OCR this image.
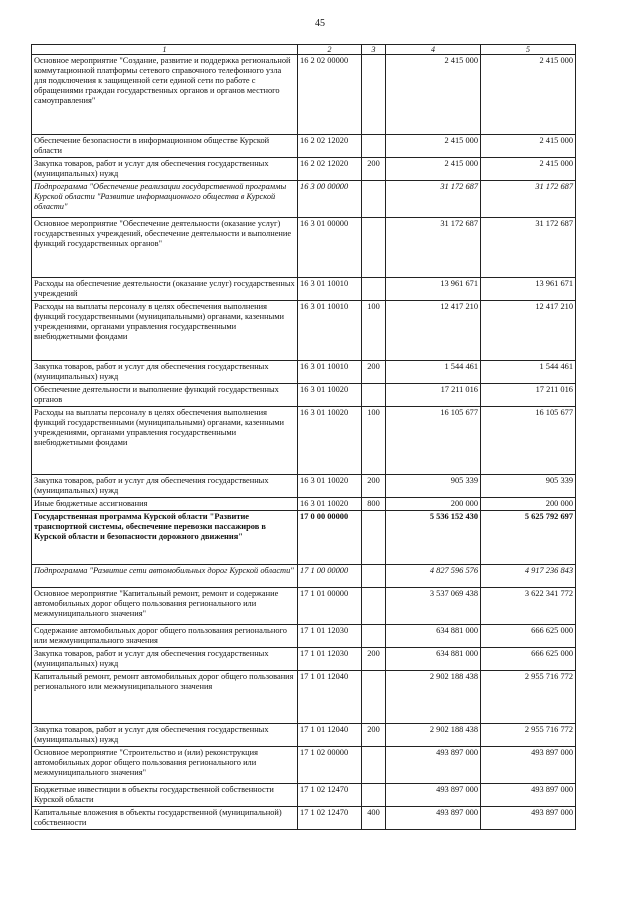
45
1	2	3	4	5
Основное мероприятие "Создание, развитие и поддержка региональной коммутационной платформы сетевого справочного телефонного узла для подключения к защищенной сети единой сети по работе с обращениями граждан государственных органов и органов местного самоуправления"	16 2 02 00000		2 415 000	2 415 000
Обеспечение безопасности в информационном обществе Курской области	16 2 02 12020		2 415 000	2 415 000
Закупка товаров, работ и услуг для обеспечения государственных (муниципальных) нужд	16 2 02 12020	200	2 415 000	2 415 000
Подпрограмма "Обеспечение реализации государственной программы Курской области "Развитие информационного общества в Курской области"	16 3 00 00000		31 172 687	31 172 687
Основное мероприятие "Обеспечение деятельности (оказание услуг) государственных учреждений, обеспечение деятельности и выполнение функций государственных органов"	16 3 01 00000		31 172 687	31 172 687
Расходы на обеспечение деятельности (оказание услуг) государственных учреждений	16 3 01 10010		13 961 671	13 961 671
Расходы на выплаты персоналу в целях обеспечения выполнения функций государственными (муниципальными) органами, казенными учреждениями, органами управления государственными внебюджетными фондами	16 3 01 10010	100	12 417 210	12 417 210
Закупка товаров, работ и услуг для обеспечения государственных (муниципальных) нужд	16 3 01 10010	200	1 544 461	1 544 461
Обеспечение деятельности и выполнение функций государственных органов	16 3 01 10020		17 211 016	17 211 016
Расходы на выплаты персоналу в целях обеспечения выполнения функций государственными (муниципальными) органами, казенными учреждениями, органами управления государственными внебюджетными фондами	16 3 01 10020	100	16 105 677	16 105 677
Закупка товаров, работ и услуг для обеспечения государственных (муниципальных) нужд	16 3 01 10020	200	905 339	905 339
Иные бюджетные ассигнования	16 3 01 10020	800	200 000	200 000
Государственная программа Курской области "Развитие транспортной системы, обеспечение перевозки пассажиров в Курской области и безопасности дорожного движения"	17 0 00 00000		5 536 152 430	5 625 792 697
Подпрограмма "Развитие сети автомобильных дорог Курской области"	17 1 00 00000		4 827 596 576	4 917 236 843
Основное мероприятие "Капитальный ремонт, ремонт и содержание автомобильных дорог общего пользования регионального или межмуниципального значения"	17 1 01 00000		3 537 069 438	3 622 341 772
Содержание автомобильных дорог общего пользования регионального или межмуниципального значения	17 1 01 12030		634 881 000	666 625 000
Закупка товаров, работ и услуг для обеспечения государственных (муниципальных) нужд	17 1 01 12030	200	634 881 000	666 625 000
Капитальный ремонт, ремонт автомобильных дорог общего пользования регионального или межмуниципального значения	17 1 01 12040		2 902 188 438	2 955 716 772
Закупка товаров, работ и услуг для обеспечения государственных (муниципальных) нужд	17 1 01 12040	200	2 902 188 438	2 955 716 772
Основное мероприятие "Строительство и (или) реконструкция автомобильных дорог общего пользования регионального или межмуниципального значения"	17 1 02 00000		493 897 000	493 897 000
Бюджетные инвестиции в объекты государственной собственности Курской области	17 1 02 12470		493 897 000	493 897 000
Капитальные вложения в объекты государственной (муниципальной) собственности	17 1 02 12470	400	493 897 000	493 897 000
